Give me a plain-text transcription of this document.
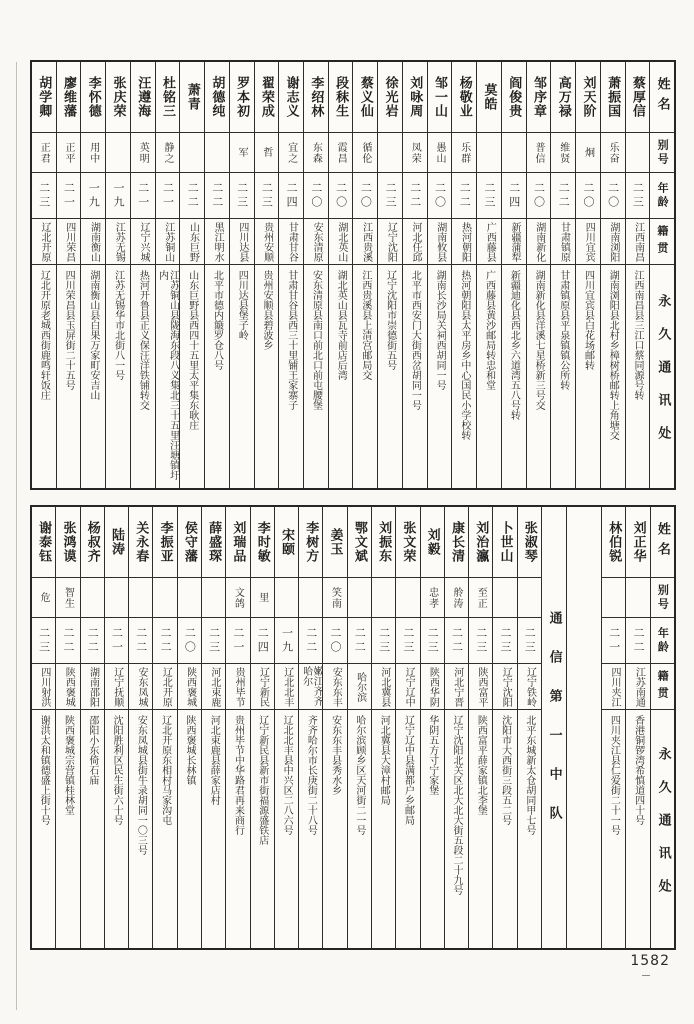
姓名
别号
年龄
籍贯
永久通讯处
蔡厚信
二三
江西南昌
江西南昌县三江口蔡同源号转
萧振国
乐奋
二〇
湖南浏阳
湖南浏阳县北村乡樟树桥邮转上角塘交
刘天阶
炯
二〇
四川宜宾
四川宜宾县白花场邮转
高万禄
维贤
二二
甘肃镇原
甘肃镇原县平泉镇镇公所转
邹序章
普信
二〇
湖南新化
湖南新化县洋溪七星桥新三号交
阎俊贵
二四
新疆蒲犁
新疆迪化县西北乡六道湾五八号转
莫皓
二三
广西藤县
广西藤县黄沙邮局转忠和堂
杨敬业
乐群
二二
热河朝阳
热河朝阳县太平房乡中心国民小学校转
邹一山
愚山
二〇
湖南攸县
湖南长沙局关祠西胡同一号
刘咏周
凤荣
二二
河北任邱
北平市西安门大街西岔胡同一号
徐光岩
二三
辽宁沈阳
辽宁沈阳市崇德街五号
蔡义仙
循伦
二〇
江西贵溪
江西贵溪县上清宫邮局交
段秣生
霞昌
二〇
湖北英山
湖北英山县瓦寺前店后湾
李绍林
东森
二〇
安东清原
安东清原县南口前北口前屯腰堡
谢志义
宜之
二四
甘肃甘谷
甘肃甘谷县西三十里铺王家寨子
翟荣成
哲
二三
贵州安顺
贵州安顺县碧波乡
罗本初
军
二三
四川达县
四川达县堡子岭
胡德纯
二二
黑江明水
北平市德内簸罗仓八号
萧青
二二
山东巨野
山东巨野县西四十五里太平集东耿庄
杜铭三
静之
二一
江苏铜山
江苏铜山县陇海东段八义集北三十五里汪塘镇圩内
汪遵海
英明
二一
辽宁兴城
热河开鲁县正义保汪洋铁铺转交
张庆荣
一九
江苏无锡
江苏无锡华市北街八一号
李怀德
用中
一九
湖南衡山
湖南衡山县白果万家町安吉山
廖维藩
正平
二一
四川荣昌
四川荣昌县玉屏街二十五号
胡学卿
正君
二三
辽北开原
辽北开原老城西街鹿鸣轩饭庄
姓名
别号
年龄
籍贯
永久通讯处
刘正华
二二
江苏南通
香港铜锣湾希慎道四十号
林伯锐
二一
四川夹江
四川夹江县仁爱街二十一号
通信第一中队
张淑琴
二三
辽宁铁岭
北平东城新太仓胡同甲七号
卜世山
二三
辽宁沈阳
沈阳市大西街三段五二号
刘治瀛
至正
二三
陕西富平
陕西富平薛家镇北李堡
康长清
舲涛
二二
河北宁晋
辽宁沈阳北关区北大北大街五段二十九号
刘毅
忠孝
二三
陕西华阴
华阴五方寸宁家堡
张文荣
二三
辽宁辽中
辽宁辽中县满都户乡邮局
刘振东
二三
河北冀县
河北冀县大漳村邮局
鄂文斌
二二
哈尔滨
哈尔滨顾乡区天河街二一号
姜玉
笑南
二〇
安东东丰
安东东丰县秀水乡
李树方
二二
嫩江齐齐哈尔
齐齐哈尔市长庚街二十八号
宋颐
一九
辽北北丰
辽北北丰县中兴区二八六号
李时敏
里
二四
辽宁新民
辽宁新民县新市街福源盛铁店
刘瑞品
文鸽
二一
贵州毕节
贵州毕节中华路君再来商行
薛盛琛
二三
河北束鹿
河北束鹿县薛家店村
侯守藩
二〇
陕西褒城
陕西褒城长林镇
李振亚
二二
辽北开原
辽北开原东相村马家沟屯
关永春
二二
安东凤城
安东凤城县街牛录胡同一〇三号
陆涛
二一
辽宁抚顺
沈阳胜利区民生街六十号
杨叔齐
二二
湖南邵阳
邵阳小东倚石庙
张鸿谟
智生
二二
陕西褒城
陕西褒城宗营镇桂林堂
谢泰钰
危
二三
四川射洪
谢洪太和镇德盛上街十号
1582
